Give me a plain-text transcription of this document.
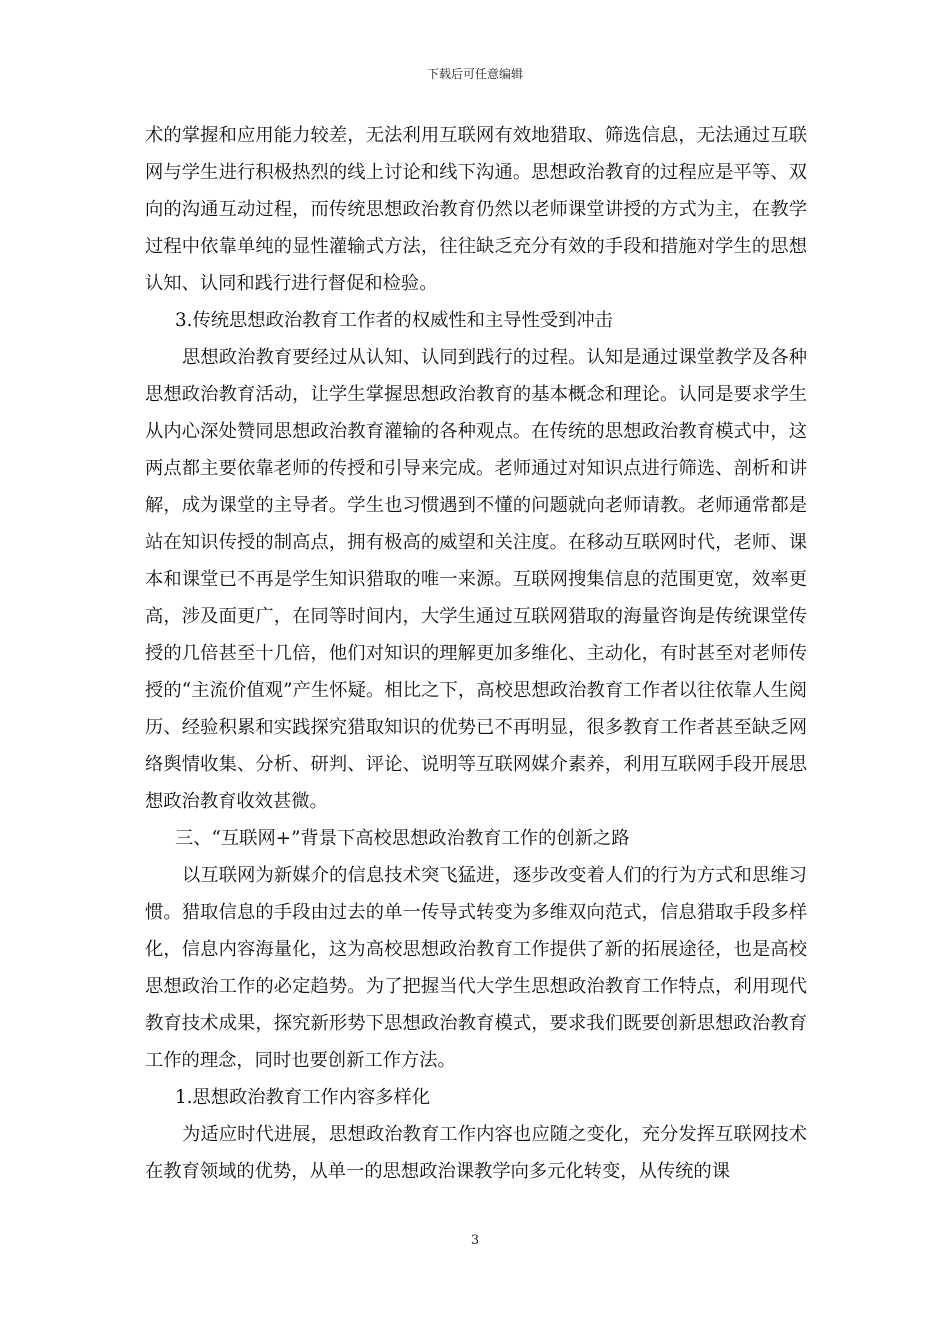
下载后可任意编辑

术的掌握和应用能力较差，无法利用互联网有效地猎取、筛选信息，无法通过互联网与学生进行积极热烈的线上讨论和线下沟通。思想政治教育的过程应是平等、双向的沟通互动过程，而传统思想政治教育仍然以老师课堂讲授的方式为主，在教学过程中依靠单纯的显性灌输式方法，往往缺乏充分有效的手段和措施对学生的思想认知、认同和践行进行督促和检验。

3.传统思想政治教育工作者的权威性和主导性受到冲击

思想政治教育要经过从认知、认同到践行的过程。认知是通过课堂教学及各种思想政治教育活动，让学生掌握思想政治教育的基本概念和理论。认同是要求学生从内心深处赞同思想政治教育灌输的各种观点。在传统的思想政治教育模式中，这两点都主要依靠老师的传授和引导来完成。老师通过对知识点进行筛选、剖析和讲解，成为课堂的主导者。学生也习惯遇到不懂的问题就向老师请教。老师通常都是站在知识传授的制高点，拥有极高的威望和关注度。在移动互联网时代，老师、课本和课堂已不再是学生知识猎取的唯一来源。互联网搜集信息的范围更宽，效率更高，涉及面更广，在同等时间内，大学生通过互联网猎取的海量咨询是传统课堂传授的几倍甚至十几倍，他们对知识的理解更加多维化、主动化，有时甚至对老师传授的“主流价值观”产生怀疑。相比之下，高校思想政治教育工作者以往依靠人生阅历、经验积累和实践探究猎取知识的优势已不再明显，很多教育工作者甚至缺乏网络舆情收集、分析、研判、评论、说明等互联网媒介素养，利用互联网手段开展思想政治教育收效甚微。

三、“互联网+”背景下高校思想政治教育工作的创新之路

以互联网为新媒介的信息技术突飞猛进，逐步改变着人们的行为方式和思维习惯。猎取信息的手段由过去的单一传导式转变为多维双向范式，信息猎取手段多样化，信息内容海量化，这为高校思想政治教育工作提供了新的拓展途径，也是高校思想政治工作的必定趋势。为了把握当代大学生思想政治教育工作特点，利用现代教育技术成果，探究新形势下思想政治教育模式，要求我们既要创新思想政治教育工作的理念，同时也要创新工作方法。

1.思想政治教育工作内容多样化

为适应时代进展，思想政治教育工作内容也应随之变化，充分发挥互联网技术在教育领域的优势，从单一的思想政治课教学向多元化转变，从传统的课

3
